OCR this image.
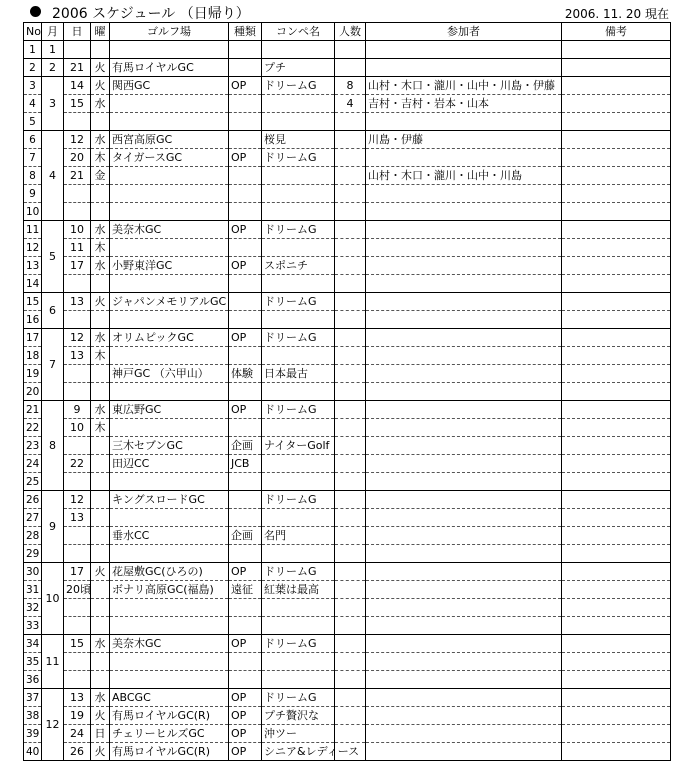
2006 スケジュール （日帰り）	2006. 11. 20 現在
No	月	日	曜	ゴルフ場	種類	コンペ名	人数	参加者	備考
1	1								
2	2	21	火	有馬ロイヤルGC		プチ			
3	3	14	火	関西GC	OP	ドリームG	8	山村・木口・瀧川・山中・川島・伊藤	
4		15	水				4	吉村・吉村・岩本・山本	
5									
6	4	12	水	西宮高原GC		桜見		川島・伊藤	
7		20	木	タイガースGC	OP	ドリームG			
8		21	金					山村・木口・瀧川・山中・川島	
9									
10									
11	5	10	水	美奈木GC	OP	ドリームG			
12		11	木						
13		17	水	小野東洋GC	OP	スポニチ			
14									
15	6	13	火	ジャパンメモリアルGC		ドリームG			
16									
17	7	12	水	オリムピックGC	OP	ドリームG			
18		13	木						
19				神戸GC （六甲山）	体験	日本最古			
20									
21	8	9	水	東広野GC	OP	ドリームG			
22		10	木						
23				三木セブンGC	企画	ナイターGolf			
24		22		田辺CC	JCB				
25									
26	9	12		キングスロードGC		ドリームG			
27		13							
28				垂水CC	企画	名門			
29									
30	10	17	火	花屋敷GC(ひろの)	OP	ドリームG			
31		20頃		ボナリ高原GC(福島)	遠征	紅葉は最高			
32									
33									
34	11	15	水	美奈木GC	OP	ドリームG			
35									
36									
37	12	13	水	ABCGC	OP	ドリームG			
38		19	火	有馬ロイヤルGC(R)	OP	プチ贅沢な			
39		24	日	チェリーヒルズGC	OP	沖ツー			
40		26	火	有馬ロイヤルGC(R)	OP	シニア&レディース			
